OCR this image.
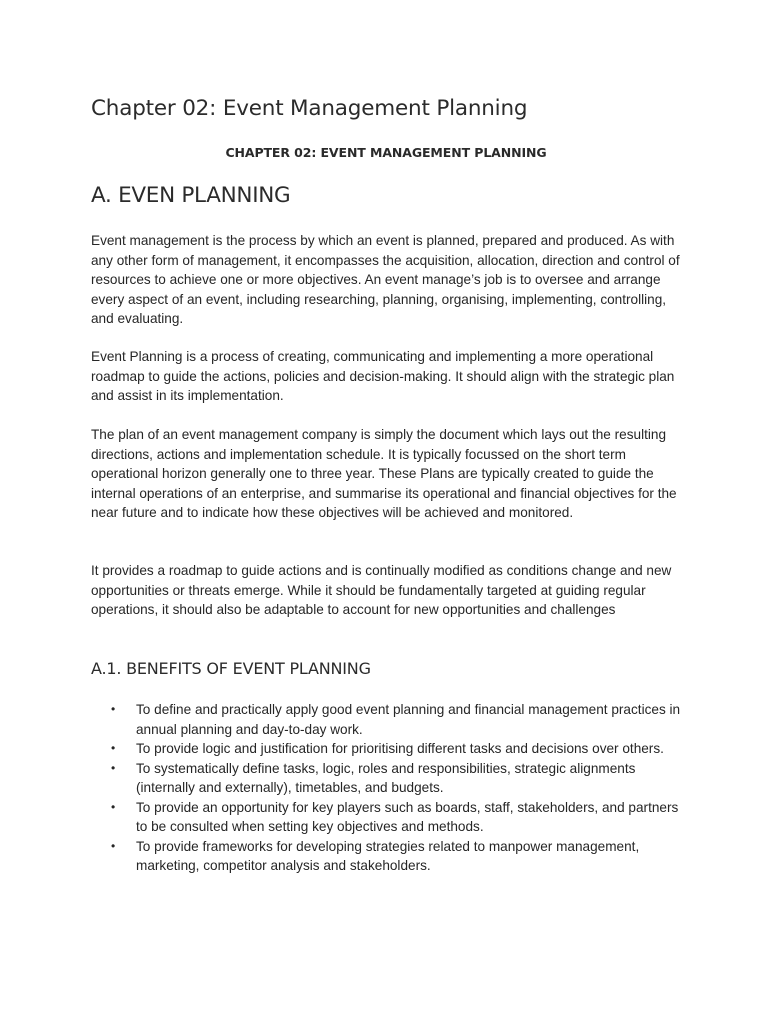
Chapter 02: Event Management Planning
CHAPTER 02: EVENT MANAGEMENT PLANNING
A. EVEN PLANNING

Event management is the process by which an event is planned, prepared and produced. As with any other form of management, it encompasses the acquisition, allocation, direction and control of resources to achieve one or more objectives. An event manage’s job is to oversee and arrange every aspect of an event, including researching, planning, organising, implementing, controlling, and evaluating.

Event Planning is a process of creating, communicating and implementing a more operational roadmap to guide the actions, policies and decision-making. It should align with the strategic plan and assist in its implementation.

The plan of an event management company is simply the document which lays out the resulting directions, actions and implementation schedule. It is typically focussed on the short term operational horizon generally one to three year. These Plans are typically created to guide the internal operations of an enterprise, and summarise its operational and financial objectives for the near future and to indicate how these objectives will be achieved and monitored.

It provides a roadmap to guide actions and is continually modified as conditions change and new opportunities or threats emerge. While it should be fundamentally targeted at guiding regular operations, it should also be adaptable to account for new opportunities and challenges

A.1. BENEFITS OF EVENT PLANNING
• To define and practically apply good event planning and financial management practices in annual planning and day-to-day work.
• To provide logic and justification for prioritising different tasks and decisions over others.
• To systematically define tasks, logic, roles and responsibilities, strategic alignments (internally and externally), timetables, and budgets.
• To provide an opportunity for key players such as boards, staff, stakeholders, and partners to be consulted when setting key objectives and methods.
• To provide frameworks for developing strategies related to manpower management, marketing, competitor analysis and stakeholders.
